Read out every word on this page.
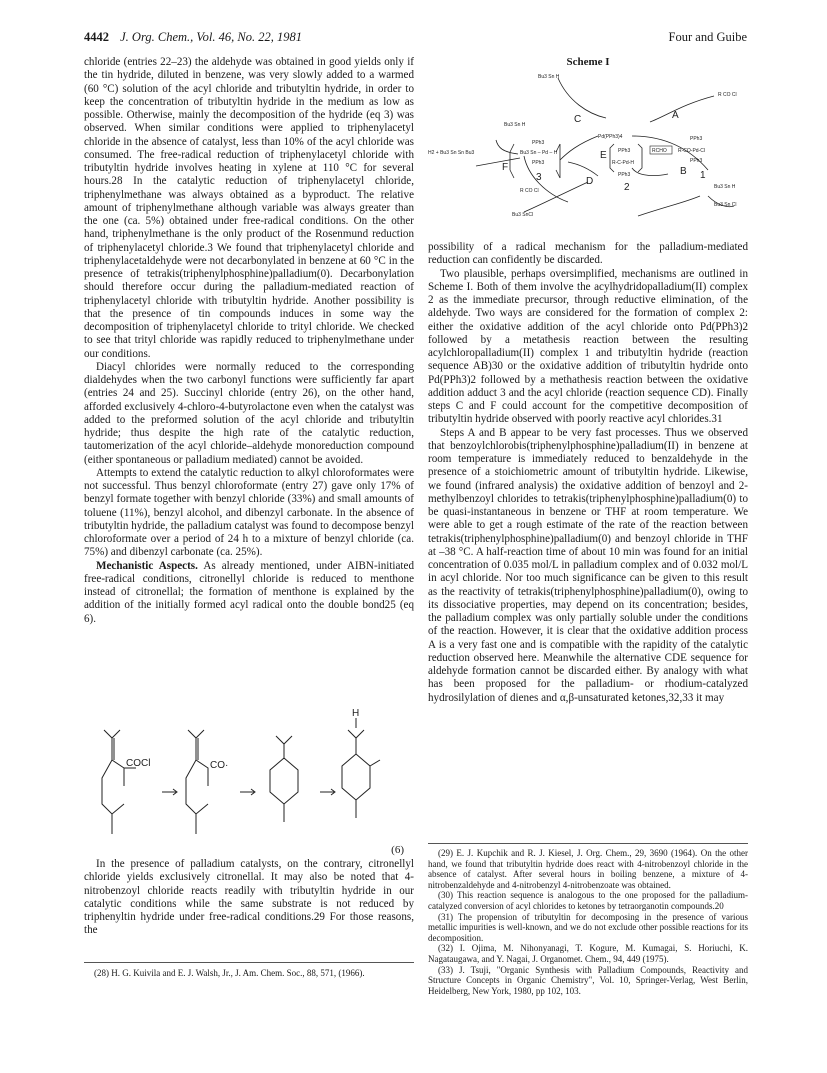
4442 J. Org. Chem., Vol. 46, No. 22, 1981	Four and Guibe

chloride (entries 22–23) the aldehyde was obtained in good yields only if the tin hydride, diluted in benzene, was very slowly added to a warmed (60 °C) solution of the acyl chloride and tributyltin hydride, in order to keep the concentration of tributyltin hydride in the medium as low as possible. Otherwise, mainly the decomposition of the hydride (eq 3) was observed. When similar conditions were applied to triphenylacetyl chloride in the absence of catalyst, less than 10% of the acyl chloride was consumed. The free-radical reduction of triphenylacetyl chloride with tributyltin hydride involves heating in xylene at 110 °C for several hours.28 In the catalytic reduction of triphenylacetyl chloride, triphenylmethane was always obtained as a byproduct. The relative amount of triphenylmethane although variable was always greater than the one (ca. 5%) obtained under free-radical conditions. On the other hand, triphenylmethane is the only product of the Rosenmund reduction of triphenylacetyl chloride.3 We found that triphenylacetyl chloride and triphenylacetaldehyde were not decarbonylated in benzene at 60 °C in the presence of tetrakis(triphenylphosphine)palladium(0). Decarbonylation should therefore occur during the palladium-mediated reaction of triphenylacetyl chloride with tributyltin hydride. Another possibility is that the presence of tin compounds induces in some way the decomposition of triphenylacetyl chloride to trityl chloride. We checked to see that trityl chloride was rapidly reduced to triphenylmethane under our conditions.

Diacyl chlorides were normally reduced to the corresponding dialdehydes when the two carbonyl functions were sufficiently far apart (entries 24 and 25). Succinyl chloride (entry 26), on the other hand, afforded exclusively 4-chloro-4-butyrolactone even when the catalyst was added to the preformed solution of the acyl chloride and tributyltin hydride; thus despite the high rate of the catalytic reduction, tautomerization of the acyl chloride–aldehyde monoreduction compound (either spontaneous or palladium mediated) cannot be avoided.

Attempts to extend the catalytic reduction to alkyl chloroformates were not successful. Thus benzyl chloroformate (entry 27) gave only 17% of benzyl formate together with benzyl chloride (33%) and small amounts of toluene (11%), benzyl alcohol, and dibenzyl carbonate. In the absence of tributyltin hydride, the palladium catalyst was found to decompose benzyl chloroformate over a period of 24 h to a mixture of benzyl chloride (ca. 75%) and dibenzyl carbonate (ca. 25%).

Mechanistic Aspects. As already mentioned, under AIBN-initiated free-radical conditions, citronellyl chloride is reduced to menthone instead of citronellal; the formation of menthone is explained by the addition of the initially formed acyl radical onto the double bond25 (eq 6).

COCl	CO·
H
(6)

In the presence of palladium catalysts, on the contrary, citronellyl chloride yields exclusively citronellal. It may also be noted that 4-nitrobenzoyl chloride reacts readily with tributyltin hydride in our catalytic conditions while the same substrate is not reduced by triphenyltin hydride under free-radical conditions.29 For those reasons, the

(28) H. G. Kuivila and E. J. Walsh, Jr., J. Am. Chem. Soc., 88, 571, (1966).

Scheme I
Bu3 Sn H
R CO Cl
Bu3 Sn H
H2 + Bu3 Sn Sn Bu3	Bu3 Sn – Pd – H
PPh3
PPh3
Pd(PPh3)4
RCHO R-CO-Pd-Cl
PPh3
PPh3
R-C-Pd-H
PPh3
PPh3
R CO Cl
Bu3 SnCl
Bu3 Sn H
Bu3 Sn Cl
A
B
C
D
E
F
1
2
3

possibility of a radical mechanism for the palladium-mediated reduction can confidently be discarded.

Two plausible, perhaps oversimplified, mechanisms are outlined in Scheme I. Both of them involve the acylhydridopalladium(II) complex 2 as the immediate precursor, through reductive elimination, of the aldehyde. Two ways are considered for the formation of complex 2: either the oxidative addition of the acyl chloride onto Pd(PPh3)2 followed by a metathesis reaction between the resulting acylchloropalladium(II) complex 1 and tributyltin hydride (reaction sequence AB)30 or the oxidative addition of tributyltin hydride onto Pd(PPh3)2 followed by a methathesis reaction between the oxidative addition adduct 3 and the acyl chloride (reaction sequence CD). Finally steps C and F could account for the competitive decomposition of tributyltin hydride observed with poorly reactive acyl chlorides.31

Steps A and B appear to be very fast processes. Thus we observed that benzoylchlorobis(triphenylphosphine)palladium(II) in benzene at room temperature is immediately reduced to benzaldehyde in the presence of a stoichiometric amount of tributyltin hydride. Likewise, we found (infrared analysis) the oxidative addition of benzoyl and 2-methylbenzoyl chlorides to tetrakis(triphenylphosphine)palladium(0) to be quasi-instantaneous in benzene or THF at room temperature. We were able to get a rough estimate of the rate of the reaction between tetrakis(triphenylphosphine)palladium(0) and benzoyl chloride in THF at –38 °C. A half-reaction time of about 10 min was found for an initial concentration of 0.035 mol/L in palladium complex and of 0.032 mol/L in acyl chloride. Nor too much significance can be given to this result as the reactivity of tetrakis(triphenylphosphine)palladium(0), owing to its dissociative properties, may depend on its concentration; besides, the palladium complex was only partially soluble under the conditions of the reaction. However, it is clear that the oxidative addition process A is a very fast one and is compatible with the rapidity of the catalytic reduction observed here. Meanwhile the alternative CDE sequence for aldehyde formation cannot be discarded either. By analogy with what has been proposed for the palladium- or rhodium-catalyzed hydrosilylation of dienes and α,β-unsaturated ketones,32,33 it may

(29) E. J. Kupchik and R. J. Kiesel, J. Org. Chem., 29, 3690 (1964). On the other hand, we found that tributyltin hydride does react with 4-nitrobenzoyl chloride in the absence of catalyst. After several hours in boiling benzene, a mixture of 4-nitrobenzaldehyde and 4-nitrobenzyl 4-nitrobenzoate was obtained.

(30) This reaction sequence is analogous to the one proposed for the palladium-catalyzed conversion of acyl chlorides to ketones by tetraorganotin compounds.20

(31) The propension of tributyltin for decomposing in the presence of various metallic impurities is well-known, and we do not exclude other possible reactions for its decomposition.

(32) I. Ojima, M. Nihonyanagi, T. Kogure, M. Kumagai, S. Horiuchi, K. Nagataugawa, and Y. Nagai, J. Organomet. Chem., 94, 449 (1975).

(33) J. Tsuji, "Organic Synthesis with Palladium Compounds, Reactivity and Structure Concepts in Organic Chemistry", Vol. 10, Springer-Verlag, West Berlin, Heidelberg, New York, 1980, pp 102, 103.
